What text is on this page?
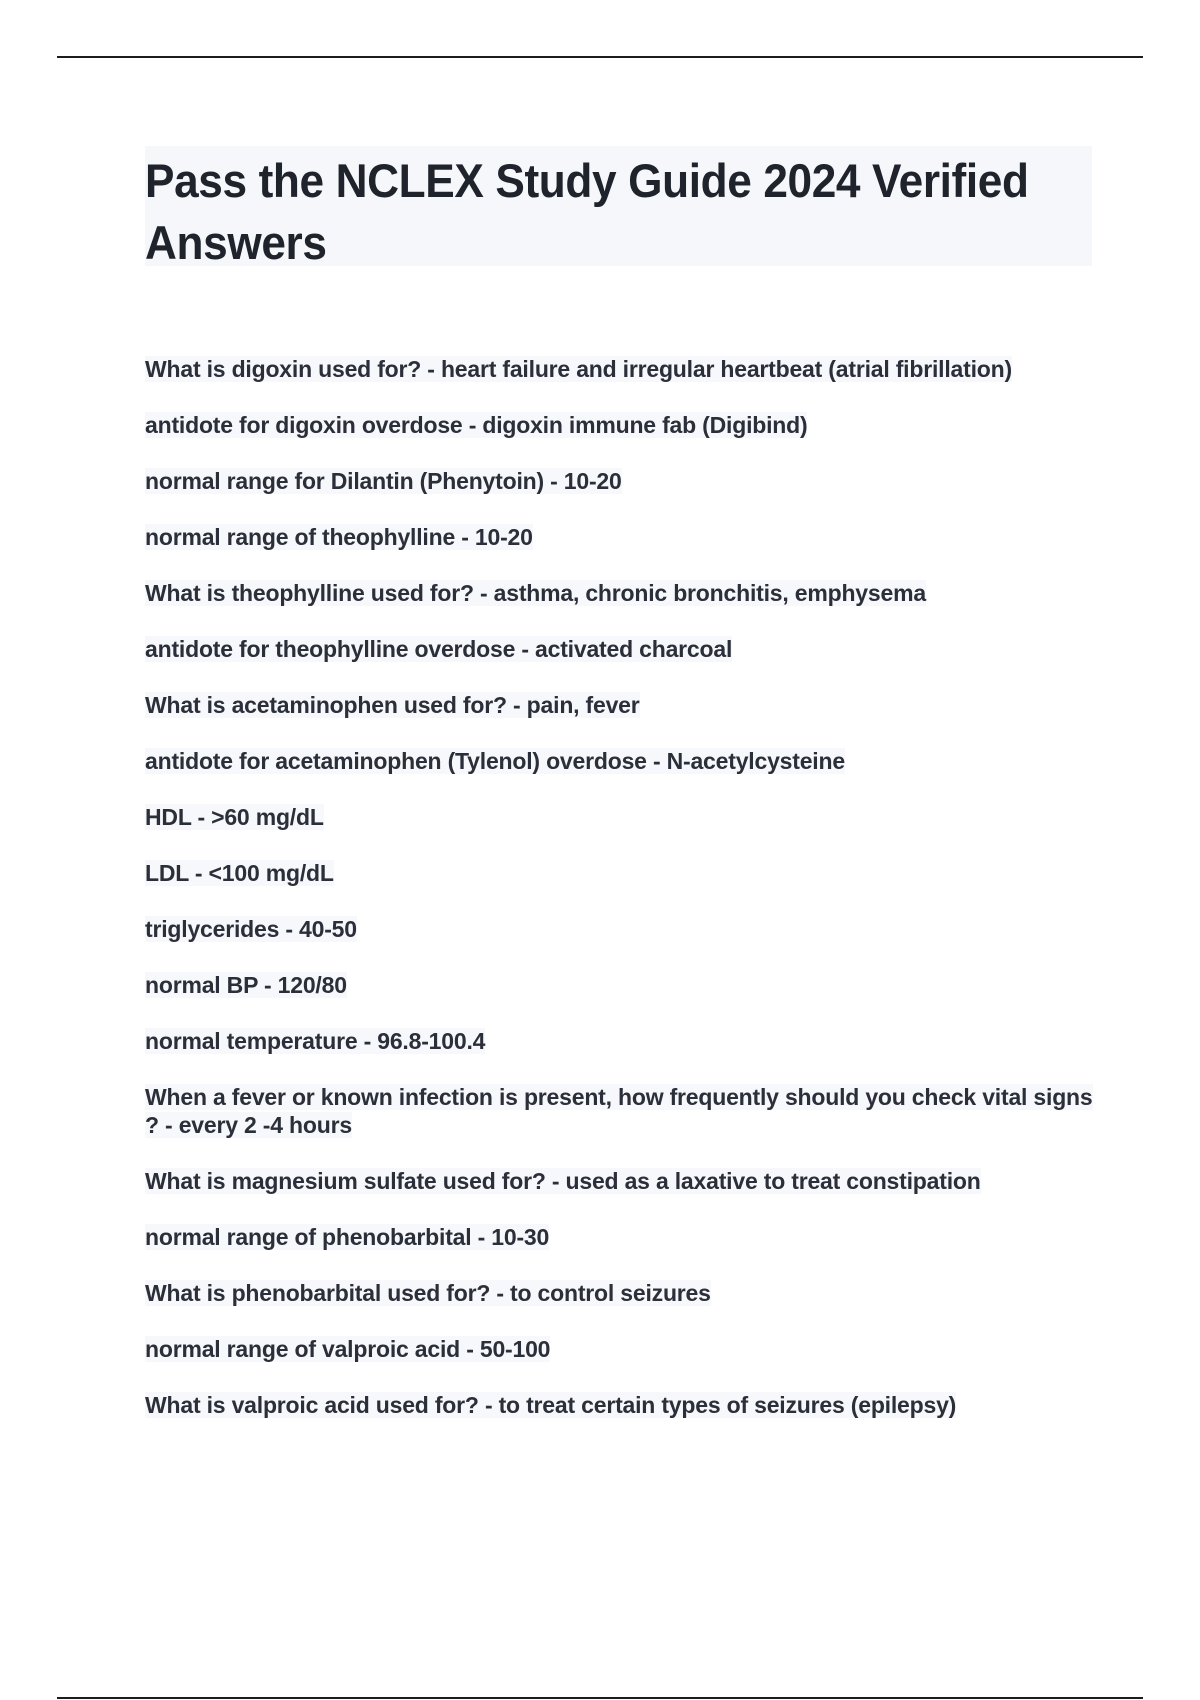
Pass the NCLEX Study Guide 2024 Verified Answers
What is digoxin used for? - heart failure and irregular heartbeat (atrial fibrillation)
antidote for digoxin overdose - digoxin immune fab (Digibind)
normal range for Dilantin (Phenytoin) - 10-20
normal range of theophylline - 10-20
What is theophylline used for? - asthma, chronic bronchitis, emphysema
antidote for theophylline overdose - activated charcoal
What is acetaminophen used for? - pain, fever
antidote for acetaminophen (Tylenol) overdose - N-acetylcysteine
HDL - >60 mg/dL
LDL - <100 mg/dL
triglycerides - 40-50
normal BP - 120/80
normal temperature - 96.8-100.4
When a fever or known infection is present, how frequently should you check vital signs ? - every 2 -4 hours
What is magnesium sulfate used for? - used as a laxative to treat constipation
normal range of phenobarbital - 10-30
What is phenobarbital used for? - to control seizures
normal range of valproic acid - 50-100
What is valproic acid used for? - to treat certain types of seizures (epilepsy)
